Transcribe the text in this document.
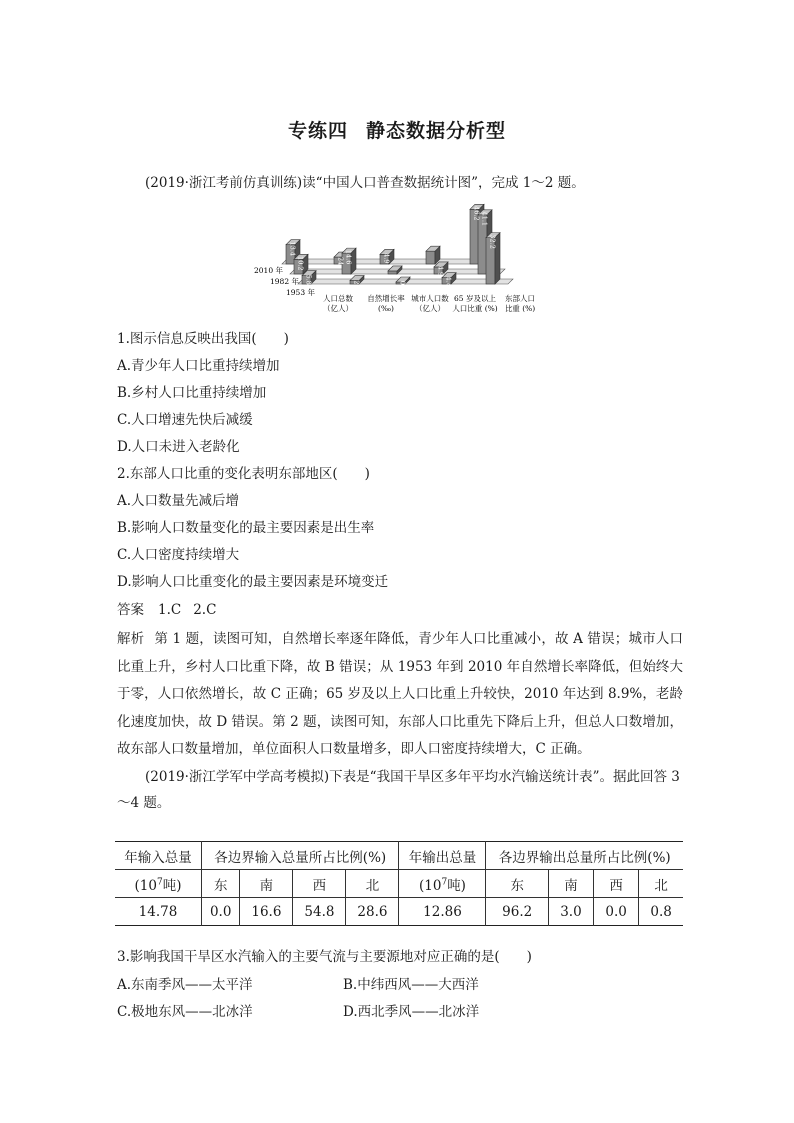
专练四 静态数据分析型
(2019·浙江考前仿真训练)读“中国人口普查数据统计图”，完成 1～2 题。
13.4
24	4.9
46.2
10.2	14.6
4.9
41.1
5.8	24	0.8	4.4
32.2
2010 年
1982 年
1953 年
人口总数
（亿人）
自然增长率
(‰)
城市人口数
（亿人）
65 岁及以上
人口比重 (%)
东部人口
比重 (%)
1.图示信息反映出我国(　　)
A.青少年人口比重持续增加
B.乡村人口比重持续增加
C.人口增速先快后减缓
D.人口未进入老龄化
2.东部人口比重的变化表明东部地区(　　)
A.人口数量先减后增
B.影响人口数量变化的最主要因素是出生率
C.人口密度持续增大
D.影响人口比重变化的最主要因素是环境变迁
答案 1.C 2.C
解析 第 1 题，读图可知，自然增长率逐年降低，青少年人口比重减小，故 A 错误；城市人口比重上升，乡村人口比重下降，故 B 错误；从 1953 年到 2010 年自然增长率降低，但始终大于零，人口依然增长，故 C 正确；65 岁及以上人口比重上升较快，2010 年达到 8.9%，老龄化速度加快，故 D 错误。第 2 题，读图可知，东部人口比重先下降后上升，但总人口数增加，故东部人口数量增加，单位面积人口数量增多，即人口密度持续增大，C 正确。
(2019·浙江学军中学高考模拟)下表是“我国干旱区多年平均水汽输送统计表”。据此回答 3～4 题。
年输入总量	各边界输入总量所占比例(%)				年输出总量	各边界输出总量所占比例(%)			
($10^7$吨)	东	南	西	北	($10^7$吨)	东	南	西	北
14.78	0.0	16.6	54.8	28.6	12.86	96.2	3.0	0.0	0.8
3.影响我国干旱区水汽输入的主要气流与主要源地对应正确的是(　　)
A.东南季风——太平洋	B.中纬西风——大西洋
C.极地东风——北冰洋	D.西北季风——北冰洋
